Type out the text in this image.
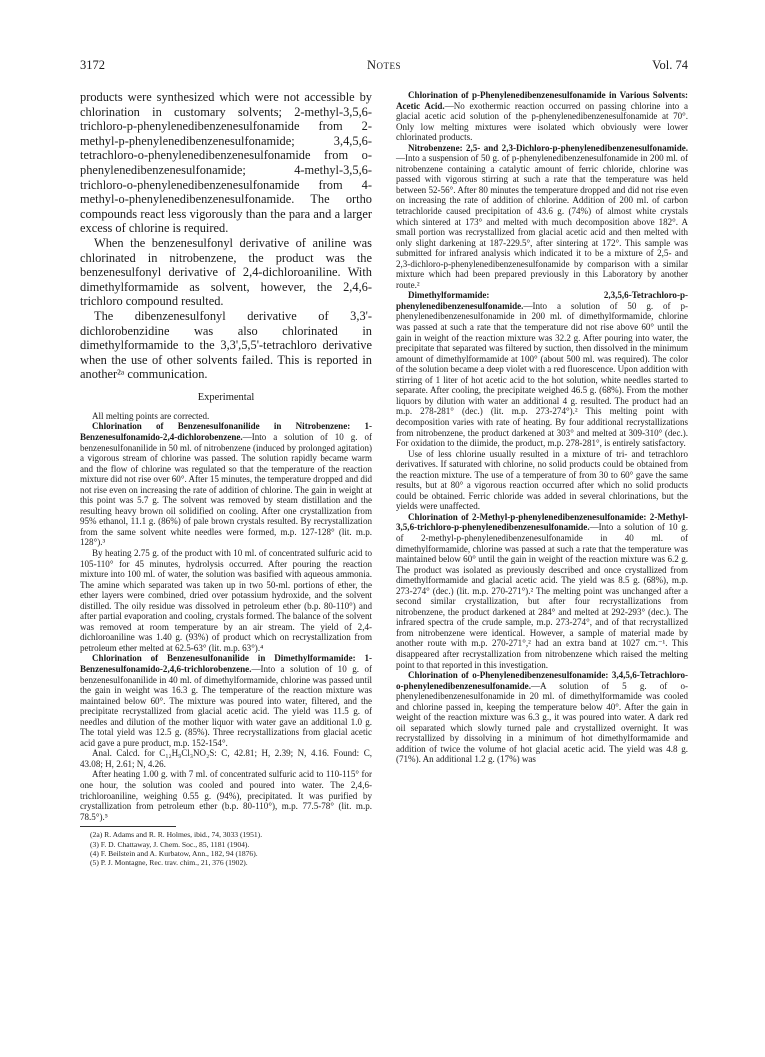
3172	Notes	Vol. 74

products were synthesized which were not accessible by chlorination in customary solvents; 2-methyl-3,5,6-trichloro-p-phenylenedibenzenesulfonamide from 2-methyl-p-phenylenedibenzenesulfonamide; 3,4,5,6-tetrachloro-o-phenylenedibenzenesulfonamide from o-phenylenedibenzenesulfonamide; 4-methyl-3,5,6-trichloro-o-phenylenedibenzenesulfonamide from 4-methyl-o-phenylenedibenzenesulfonamide. The ortho compounds react less vigorously than the para and a larger excess of chlorine is required.

When the benzenesulfonyl derivative of aniline was chlorinated in nitrobenzene, the product was the benzenesulfonyl derivative of 2,4-dichloroaniline. With dimethylformamide as solvent, however, the 2,4,6-trichloro compound resulted.

The dibenzenesulfonyl derivative of 3,3'-dichlorobenzidine was also chlorinated in dimethylformamide to the 3,3',5,5'-tetrachloro derivative when the use of other solvents failed. This is reported in another²ᵃ communication.

Experimental

All melting points are corrected.

Chlorination of Benzenesulfonanilide in Nitrobenzene: 1-Benzenesulfonamido-2,4-dichlorobenzene.—Into a solution of 10 g. of benzenesulfonanilide in 50 ml. of nitrobenzene (induced by prolonged agitation) a vigorous stream of chlorine was passed. The solution rapidly became warm and the flow of chlorine was regulated so that the temperature of the reaction mixture did not rise over 60°. After 15 minutes, the temperature dropped and did not rise even on increasing the rate of addition of chlorine. The gain in weight at this point was 5.7 g. The solvent was removed by steam distillation and the resulting heavy brown oil solidified on cooling. After one crystallization from 95% ethanol, 11.1 g. (86%) of pale brown crystals resulted. By recrystallization from the same solvent white needles were formed, m.p. 127-128° (lit. m.p. 128°).³

By heating 2.75 g. of the product with 10 ml. of concentrated sulfuric acid to 105-110° for 45 minutes, hydrolysis occurred. After pouring the reaction mixture into 100 ml. of water, the solution was basified with aqueous ammonia. The amine which separated was taken up in two 50-ml. portions of ether, the ether layers were combined, dried over potassium hydroxide, and the solvent distilled. The oily residue was dissolved in petroleum ether (b.p. 80-110°) and after partial evaporation and cooling, crystals formed. The balance of the solvent was removed at room temperature by an air stream. The yield of 2,4-dichloroaniline was 1.40 g. (93%) of product which on recrystallization from petroleum ether melted at 62.5-63° (lit. m.p. 63°).⁴

Chlorination of Benzenesulfonanilide in Dimethylformamide: 1-Benzenesulfonamido-2,4,6-trichlorobenzene.—Into a solution of 10 g. of benzenesulfonanilide in 40 ml. of dimethylformamide, chlorine was passed until the gain in weight was 16.3 g. The temperature of the reaction mixture was maintained below 60°. The mixture was poured into water, filtered, and the precipitate recrystallized from glacial acetic acid. The yield was 11.5 g. of needles and dilution of the mother liquor with water gave an additional 1.0 g. The total yield was 12.5 g. (85%). Three recrystallizations from glacial acetic acid gave a pure product, m.p. 152-154°.

Anal. Calcd. for C₁₂H₉Cl₃NO₂S: C, 42.81; H, 2.39; N, 4.16. Found: C, 43.08; H, 2.61; N, 4.26.

After heating 1.00 g. with 7 ml. of concentrated sulfuric acid to 110-115° for one hour, the solution was cooled and poured into water. The 2,4,6-trichloroaniline, weighing 0.55 g. (94%), precipitated. It was purified by crystallization from petroleum ether (b.p. 80-110°), m.p. 77.5-78° (lit. m.p. 78.5°).⁵

(2a) R. Adams and R. R. Holmes, ibid., 74, 3033 (1951).

(3) F. D. Chattaway, J. Chem. Soc., 85, 1181 (1904).

(4) F. Beilstein and A. Kurbatow, Ann., 182, 94 (1876).

(5) P. J. Montagne, Rec. trav. chim., 21, 376 (1902).

Chlorination of p-Phenylenedibenzenesulfonamide in Various Solvents: Acetic Acid.—No exothermic reaction occurred on passing chlorine into a glacial acetic acid solution of the p-phenylenedibenzenesulfonamide at 70°. Only low melting mixtures were isolated which obviously were lower chlorinated products.

Nitrobenzene: 2,5- and 2,3-Dichloro-p-phenylenedibenzenesulfonamide.—Into a suspension of 50 g. of p-phenylenedibenzenesulfonamide in 200 ml. of nitrobenzene containing a catalytic amount of ferric chloride, chlorine was passed with vigorous stirring at such a rate that the temperature was held between 52-56°. After 80 minutes the temperature dropped and did not rise even on increasing the rate of addition of chlorine. Addition of 200 ml. of carbon tetrachloride caused precipitation of 43.6 g. (74%) of almost white crystals which sintered at 173° and melted with much decomposition above 182°. A small portion was recrystallized from glacial acetic acid and then melted with only slight darkening at 187-229.5°, after sintering at 172°. This sample was submitted for infrared analysis which indicated it to be a mixture of 2,5- and 2,3-dichloro-p-phenylenedibenzenesulfonamide by comparison with a similar mixture which had been prepared previously in this Laboratory by another route.²

Dimethylformamide: 2,3,5,6-Tetrachloro-p-phenylenedibenzenesulfonamide.—Into a solution of 50 g. of p-phenylenedibenzenesulfonamide in 200 ml. of dimethylformamide, chlorine was passed at such a rate that the temperature did not rise above 60° until the gain in weight of the reaction mixture was 32.2 g. After pouring into water, the precipitate that separated was filtered by suction, then dissolved in the minimum amount of dimethylformamide at 100° (about 500 ml. was required). The color of the solution became a deep violet with a red fluorescence. Upon addition with stirring of 1 liter of hot acetic acid to the hot solution, white needles started to separate. After cooling, the precipitate weighed 46.5 g. (68%). From the mother liquors by dilution with water an additional 4 g. resulted. The product had an m.p. 278-281° (dec.) (lit. m.p. 273-274°).² This melting point with decomposition varies with rate of heating. By four additional recrystallizations from nitrobenzene, the product darkened at 303° and melted at 309-310° (dec.). For oxidation to the diimide, the product, m.p. 278-281°, is entirely satisfactory.

Use of less chlorine usually resulted in a mixture of tri- and tetrachloro derivatives. If saturated with chlorine, no solid products could be obtained from the reaction mixture. The use of a temperature of from 30 to 60° gave the same results, but at 80° a vigorous reaction occurred after which no solid products could be obtained. Ferric chloride was added in several chlorinations, but the yields were unaffected.

Chlorination of 2-Methyl-p-phenylenedibenzenesulfonamide: 2-Methyl-3,5,6-trichloro-p-phenylenedibenzenesulfonamide.—Into a solution of 10 g. of 2-methyl-p-phenylenedibenzenesulfonamide in 40 ml. of dimethylformamide, chlorine was passed at such a rate that the temperature was maintained below 60° until the gain in weight of the reaction mixture was 6.2 g. The product was isolated as previously described and once crystallized from dimethylformamide and glacial acetic acid. The yield was 8.5 g. (68%), m.p. 273-274° (dec.) (lit. m.p. 270-271°).² The melting point was unchanged after a second similar crystallization, but after four recrystallizations from nitrobenzene, the product darkened at 284° and melted at 292-293° (dec.). The infrared spectra of the crude sample, m.p. 273-274°, and of that recrystallized from nitrobenzene were identical. However, a sample of material made by another route with m.p. 270-271°,² had an extra band at 1027 cm.⁻¹. This disappeared after recrystallization from nitrobenzene which raised the melting point to that reported in this investigation.

Chlorination of o-Phenylenedibenzenesulfonamide: 3,4,5,6-Tetrachloro-o-phenylenedibenzenesulfonamide.—A solution of 5 g. of o-phenylenedibenzenesulfonamide in 20 ml. of dimethylformamide was cooled and chlorine passed in, keeping the temperature below 40°. After the gain in weight of the reaction mixture was 6.3 g., it was poured into water. A dark red oil separated which slowly turned pale and crystallized overnight. It was recrystallized by dissolving in a minimum of hot dimethylformamide and addition of twice the volume of hot glacial acetic acid. The yield was 4.8 g. (71%). An additional 1.2 g. (17%) was
